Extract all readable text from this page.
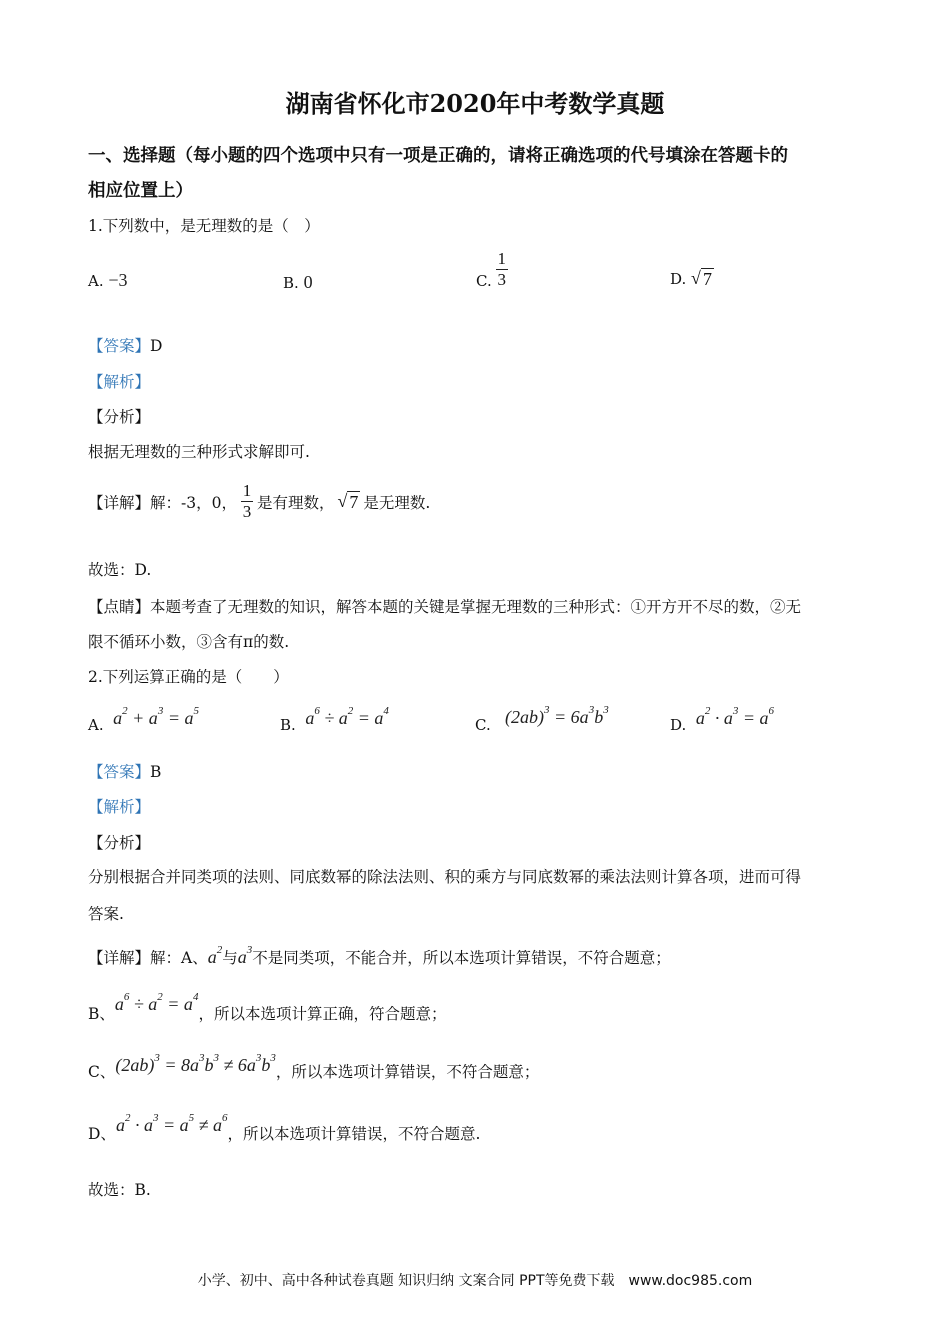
湖南省怀化市2020年中考数学真题
一、选择题（每小题的四个选项中只有一项是正确的，请将正确选项的代号填涂在答题卡的
相应位置上）
1.下列数中，是无理数的是（　）
A.
−3	B.
0	C. $\frac{1}{3}$	D.
√ 7
【答案】D
【解析】
【分析】
根据无理数的三种形式求解即可.
【详解】解： -3，0， $\frac{1}{3}$ 是有理数， √ 7 是无理数.
故选：D.
【点睛】本题考查了无理数的知识，解答本题的关键是掌握无理数的三种形式：①开方开不尽的数，②无
限不循环小数，③含有π的数.
2.下列运算正确的是（　　）
A.
$a^2 + a^3 = a^5$
B.
$a^6 \div a^2 = a^4$
C.
$(2ab)^3 = 6a^3b^3$
D.
$a^2 \cdot a^3 = a^6$
【答案】B
【解析】
【分析】
分别根据合并同类项的法则、同底数幂的除法法则、积的乘方与同底数幂的乘法法则计算各项，进而可得
答案.
【详解】解：A、 $a^2$ 与 $a^3$ 不是同类项，不能合并，所以本选项计算错误，不符合题意；
B、
$a^6 \div a^2 = a^4$
，所以本选项计算正确，符合题意；
C、 $(2ab)^3 = 8a^3b^3 \ne 6a^3b^3$
，所以本选项计算错误，不符合题意；
D、 $a^2 \cdot a^3 = a^5 \ne a^6$
，所以本选项计算错误，不符合题意.
故选：B.
小学、初中、高中各种试卷真题 知识归纳 文案合同 PPT等免费下载　www.doc985.com
